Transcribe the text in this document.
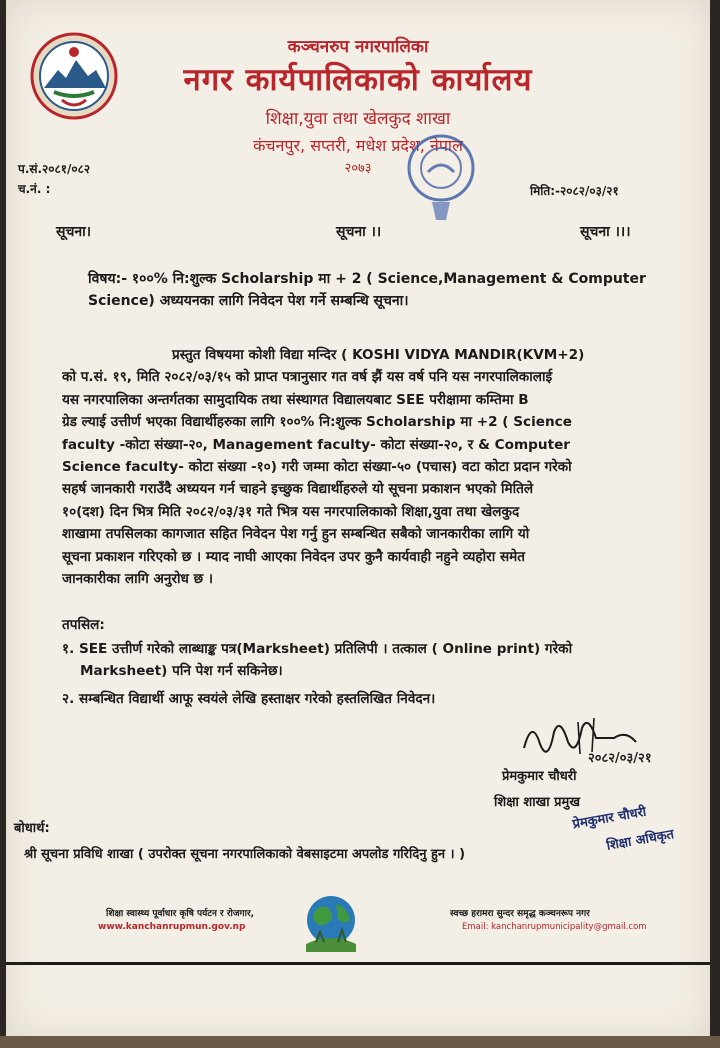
कञ्चनरुप नगरपालिका
नगर कार्यपालिकाको कार्यालय
शिक्षा,युवा तथा खेलकुद शाखा
कंचनपुर, सप्तरी, मधेश प्रदेश, नेपाल
२०७३
प.सं.२०८१/०८२
च.नं. :	मिति:-२०८२/०३/२१
सूचना।	सूचना ।।	सूचना ।।।
विषय:- १००% नि:शुल्क Scholarship मा + 2 ( Science,Management & Computer
Science) अध्ययनका लागि निवेदन पेश गर्ने सम्बन्धि सूचना।
प्रस्तुत विषयमा कोशी विद्या मन्दिर ( KOSHI VIDYA MANDIR(KVM+2)
को प.सं. १९, मिति २०८२/०३/१५ को प्राप्त पत्रानुसार गत वर्ष झैं यस वर्ष पनि यस नगरपालिकालाई
यस नगरपालिका अन्तर्गतका सामुदायिक तथा संस्थागत विद्यालयबाट SEE परीक्षामा कम्तिमा B
ग्रेड ल्याई उत्तीर्ण भएका विद्यार्थीहरुका लागि १००% नि:शुल्क Scholarship मा +2 ( Science
faculty -कोटा संख्या-२०, Management faculty- कोटा संख्या-२०, र & Computer
Science faculty- कोटा संख्या -१०) गरी जम्मा कोटा संख्या-५० (पचास) वटा कोटा प्रदान गरेको
सहर्ष जानकारी गराउँदै अध्ययन गर्न चाहने इच्छुक विद्यार्थीहरुले यो सूचना प्रकाशन भएको मितिले
१०(दश) दिन भित्र मिति २०८२/०३/३१ गते भित्र यस नगरपालिकाको शिक्षा,युवा तथा खेलकुद
शाखामा तपसिलका कागजात सहित निवेदन पेश गर्नु हुन सम्बन्धित सबैको जानकारीका लागि यो
सूचना प्रकाशन गरिएको छ । म्याद नाघी आएका निवेदन उपर कुनै कार्यवाही नहुने व्यहोरा समेत
जानकारीका लागि अनुरोध छ ।
तपसिल:
१. SEE उत्तीर्ण गरेको लाब्धाङ्क पत्र(Marksheet) प्रतिलिपी । तत्काल ( Online print) गरेको
Marksheet) पनि पेश गर्न सकिनेछ।
२. सम्बन्धित विद्यार्थी आफू स्वयंले लेखि हस्ताक्षर गरेको हस्तलिखित निवेदन।
२०८२/०३/२१
प्रेमकुमार चौधरी
शिक्षा शाखा प्रमुख
प्रेमकुमार चौधरी
शिक्षा अधिकृत
बोधार्थ:
श्री सूचना प्रविधि शाखा ( उपरोक्त सूचना नगरपालिकाको वेबसाइटमा अपलोड गरिदिनु हुन । )
शिक्षा स्वास्थ्य पूर्वाधार कृषि पर्यटन र रोजगार,
www.kanchanrupmun.gov.np
स्वच्छ हरामरा सुन्दर समृद्ध कञ्चनरूप नगर
Email: kanchanrupmunicipality@gmail.com
